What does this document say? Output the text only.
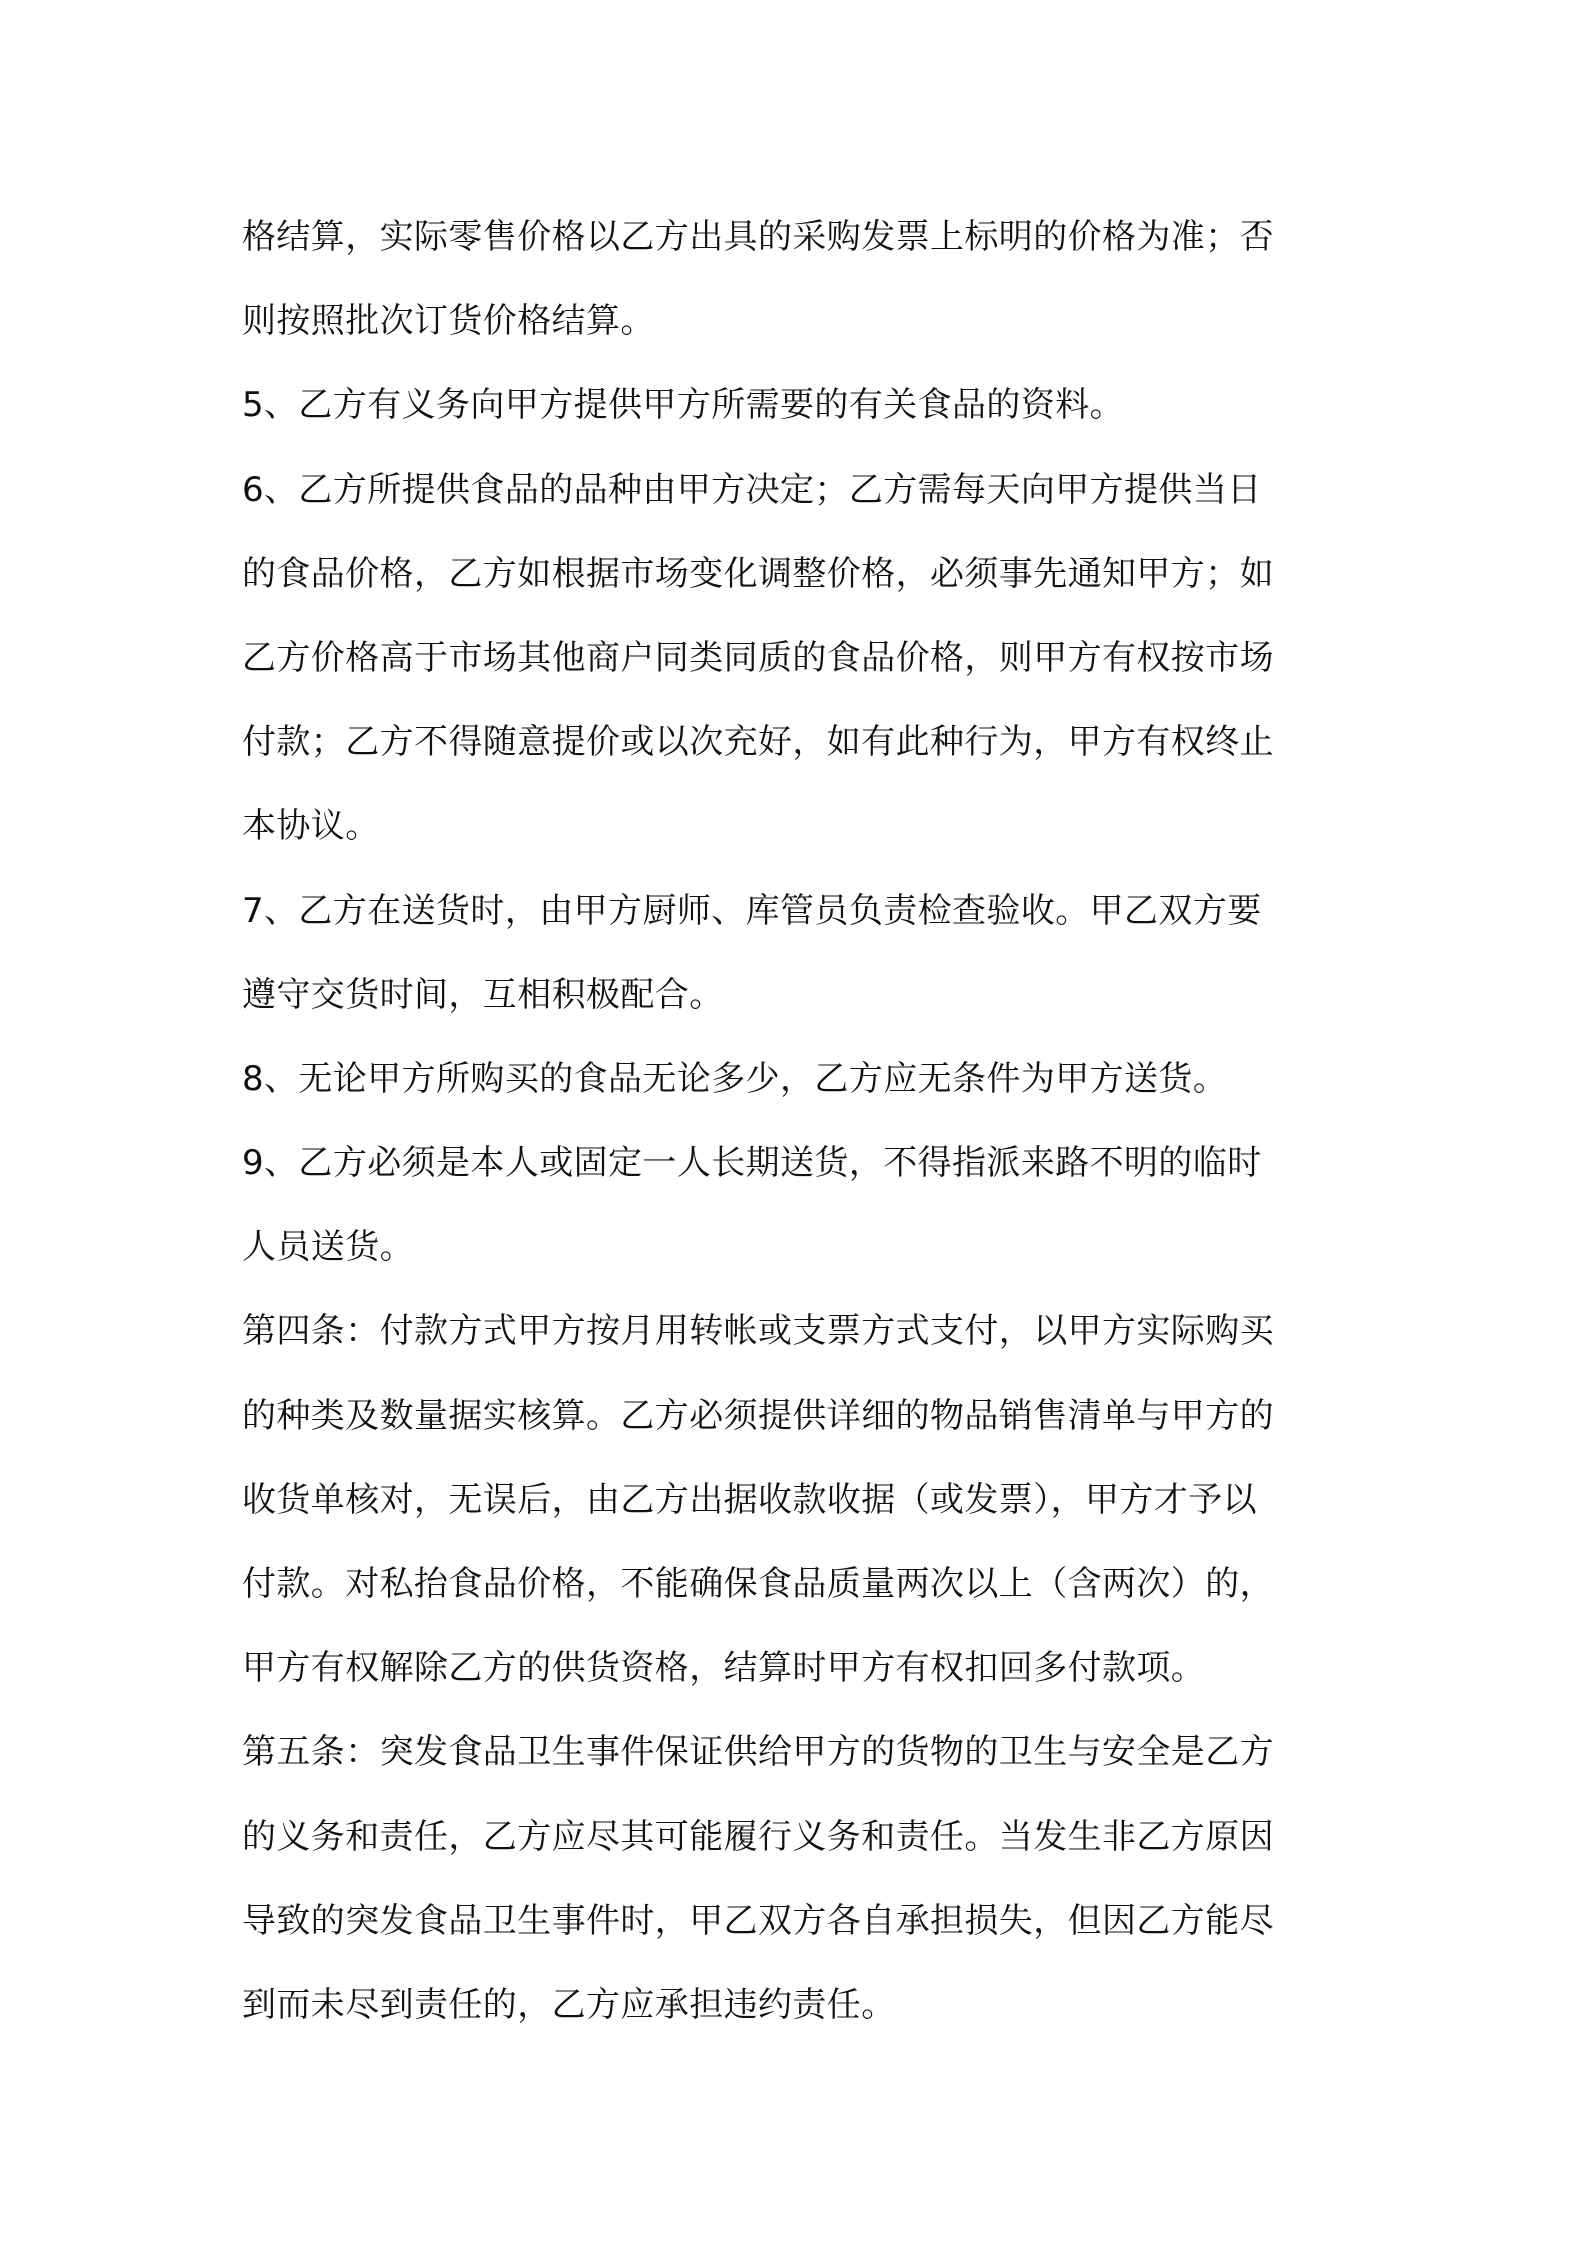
格结算，实际零售价格以乙方出具的采购发票上标明的价格为准；否
则按照批次订货价格结算。
5、乙方有义务向甲方提供甲方所需要的有关食品的资料。
6、乙方所提供食品的品种由甲方决定；乙方需每天向甲方提供当日
的食品价格，乙方如根据市场变化调整价格，必须事先通知甲方；如
乙方价格高于市场其他商户同类同质的食品价格，则甲方有权按市场
付款；乙方不得随意提价或以次充好，如有此种行为，甲方有权终止
本协议。
7、乙方在送货时，由甲方厨师、库管员负责检查验收。甲乙双方要
遵守交货时间，互相积极配合。
8、无论甲方所购买的食品无论多少，乙方应无条件为甲方送货。
9、乙方必须是本人或固定一人长期送货，不得指派来路不明的临时
人员送货。
第四条：付款方式甲方按月用转帐或支票方式支付，以甲方实际购买
的种类及数量据实核算。乙方必须提供详细的物品销售清单与甲方的
收货单核对，无误后，由乙方出据收款收据（或发票），甲方才予以
付款。对私抬食品价格，不能确保食品质量两次以上（含两次）的，
甲方有权解除乙方的供货资格，结算时甲方有权扣回多付款项。
第五条：突发食品卫生事件保证供给甲方的货物的卫生与安全是乙方
的义务和责任，乙方应尽其可能履行义务和责任。当发生非乙方原因
导致的突发食品卫生事件时，甲乙双方各自承担损失，但因乙方能尽
到而未尽到责任的，乙方应承担违约责任。
